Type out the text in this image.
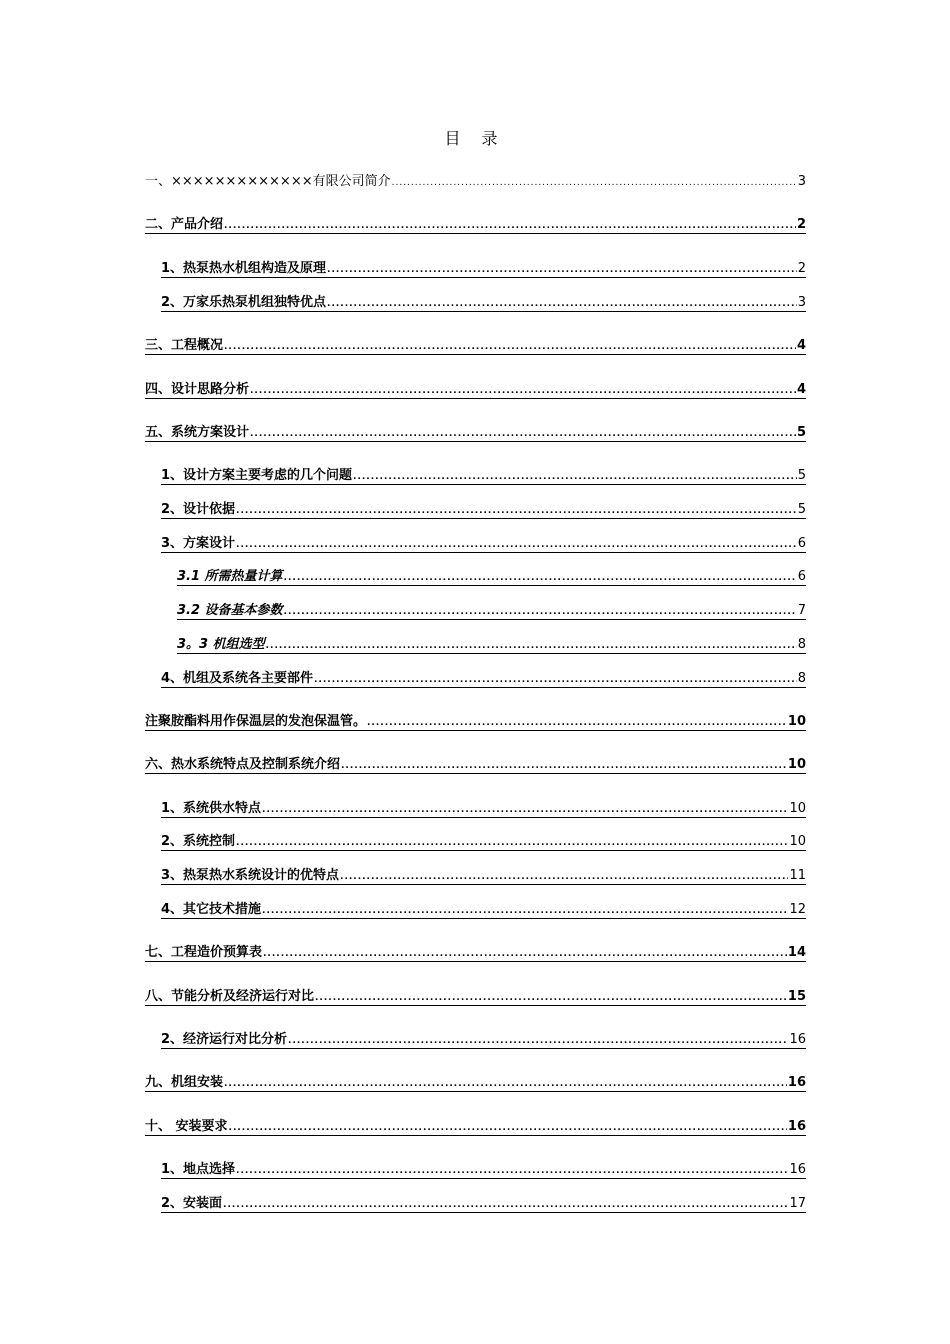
目 录
一、×××××××××××××有限公司简介 .....	3
二、产品介绍 .....	2
1、热泵热水机组构造及原理 .....	2
2、万家乐热泵机组独特优点 .....	3
三、工程概况 .....	4
四、设计思路分析 .....	4
五、系统方案设计 .....	5
1、设计方案主要考虑的几个问题 .....	5
2、设计依据 .....	5
3、方案设计 .....	6
3.1 所需热量计算 .....	6
3.2 设备基本参数 .....	7
3。3 机组选型 .....	8
4、机组及系统各主要部件 .....	8
注聚胺酯料用作保温层的发泡保温管。 .....	10
六、热水系统特点及控制系统介绍 .....	10
1、系统供水特点 .....	10
2、系统控制 .....	10
3、热泵热水系统设计的优特点 .....	11
4、其它技术措施 .....	12
七、工程造价预算表 .....	14
八、节能分析及经济运行对比 .....	15
2、经济运行对比分析 .....	16
九、机组安装 .....	16
十、 安装要求 .....	16
1、地点选择 .....	16
2、安装面 .....	17
